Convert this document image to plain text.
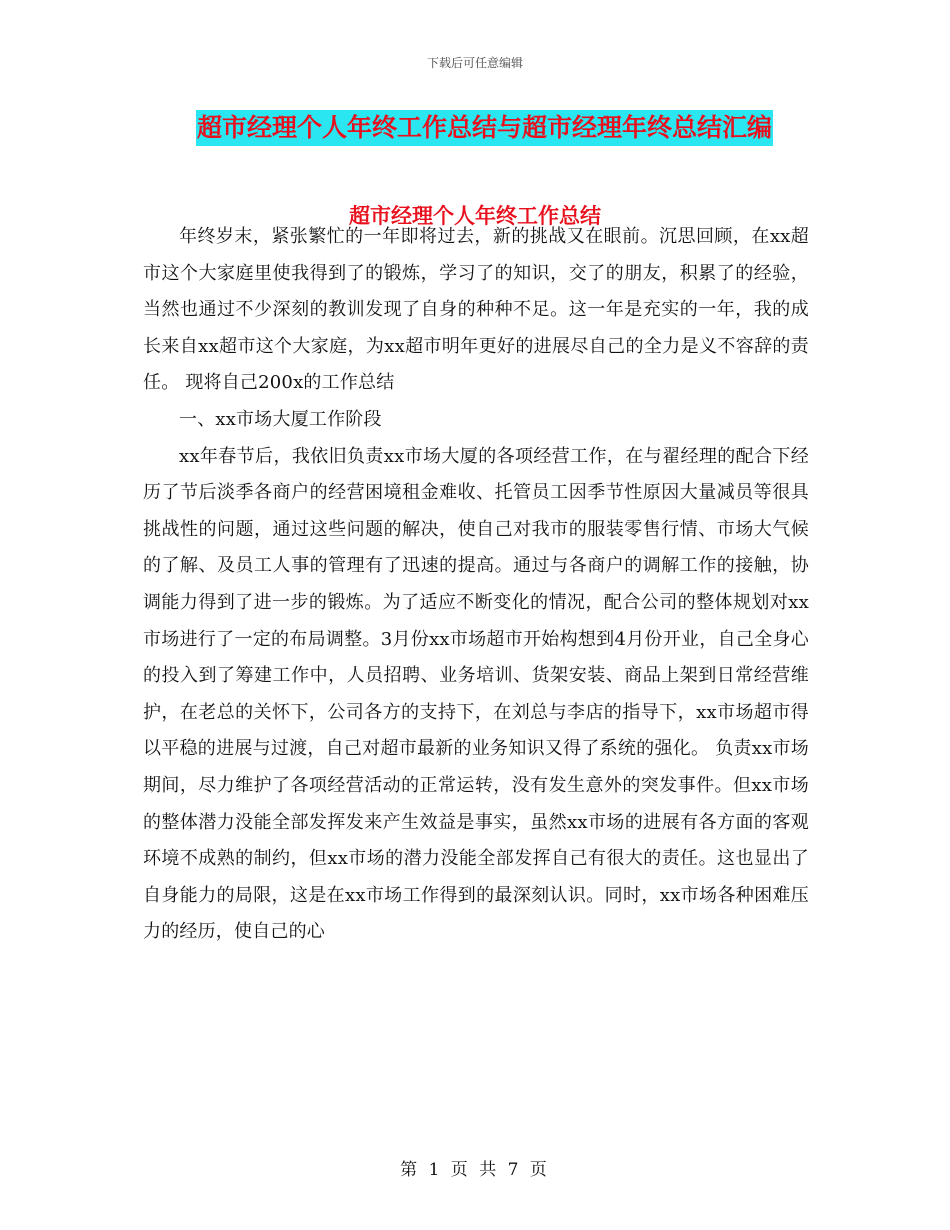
下载后可任意编辑
超市经理个人年终工作总结与超市经理年终总结汇编
超市经理个人年终工作总结

年终岁末，紧张繁忙的一年即将过去，新的挑战又在眼前。沉思回顾，在xx超市这个大家庭里使我得到了的锻炼，学习了的知识，交了的朋友，积累了的经验，当然也通过不少深刻的教训发现了自身的种种不足。这一年是充实的一年，我的成长来自xx超市这个大家庭，为xx超市明年更好的进展尽自己的全力是义不容辞的责任。 现将自己200x的工作总结

一、xx市场大厦工作阶段

xx年春节后，我依旧负责xx市场大厦的各项经营工作，在与翟经理的配合下经历了节后淡季各商户的经营困境租金难收、托管员工因季节性原因大量减员等很具挑战性的问题，通过这些问题的解决，使自己对我市的服装零售行情、市场大气候的了解、及员工人事的管理有了迅速的提高。通过与各商户的调解工作的接触，协调能力得到了进一步的锻炼。为了适应不断变化的情况，配合公司的整体规划对xx市场进行了一定的布局调整。3月份xx市场超市开始构想到4月份开业，自己全身心的投入到了筹建工作中，人员招聘、业务培训、货架安装、商品上架到日常经营维护，在老总的关怀下，公司各方的支持下，在刘总与李店的指导下，xx市场超市得以平稳的进展与过渡，自己对超市最新的业务知识又得了系统的强化。 负责xx市场期间，尽力维护了各项经营活动的正常运转，没有发生意外的突发事件。但xx市场的整体潜力没能全部发挥发来产生效益是事实，虽然xx市场的进展有各方面的客观环境不成熟的制约，但xx市场的潜力没能全部发挥自己有很大的责任。这也显出了自身能力的局限，这是在xx市场工作得到的最深刻认识。同时，xx市场各种困难压力的经历，使自己的心

第 1 页 共 7 页
